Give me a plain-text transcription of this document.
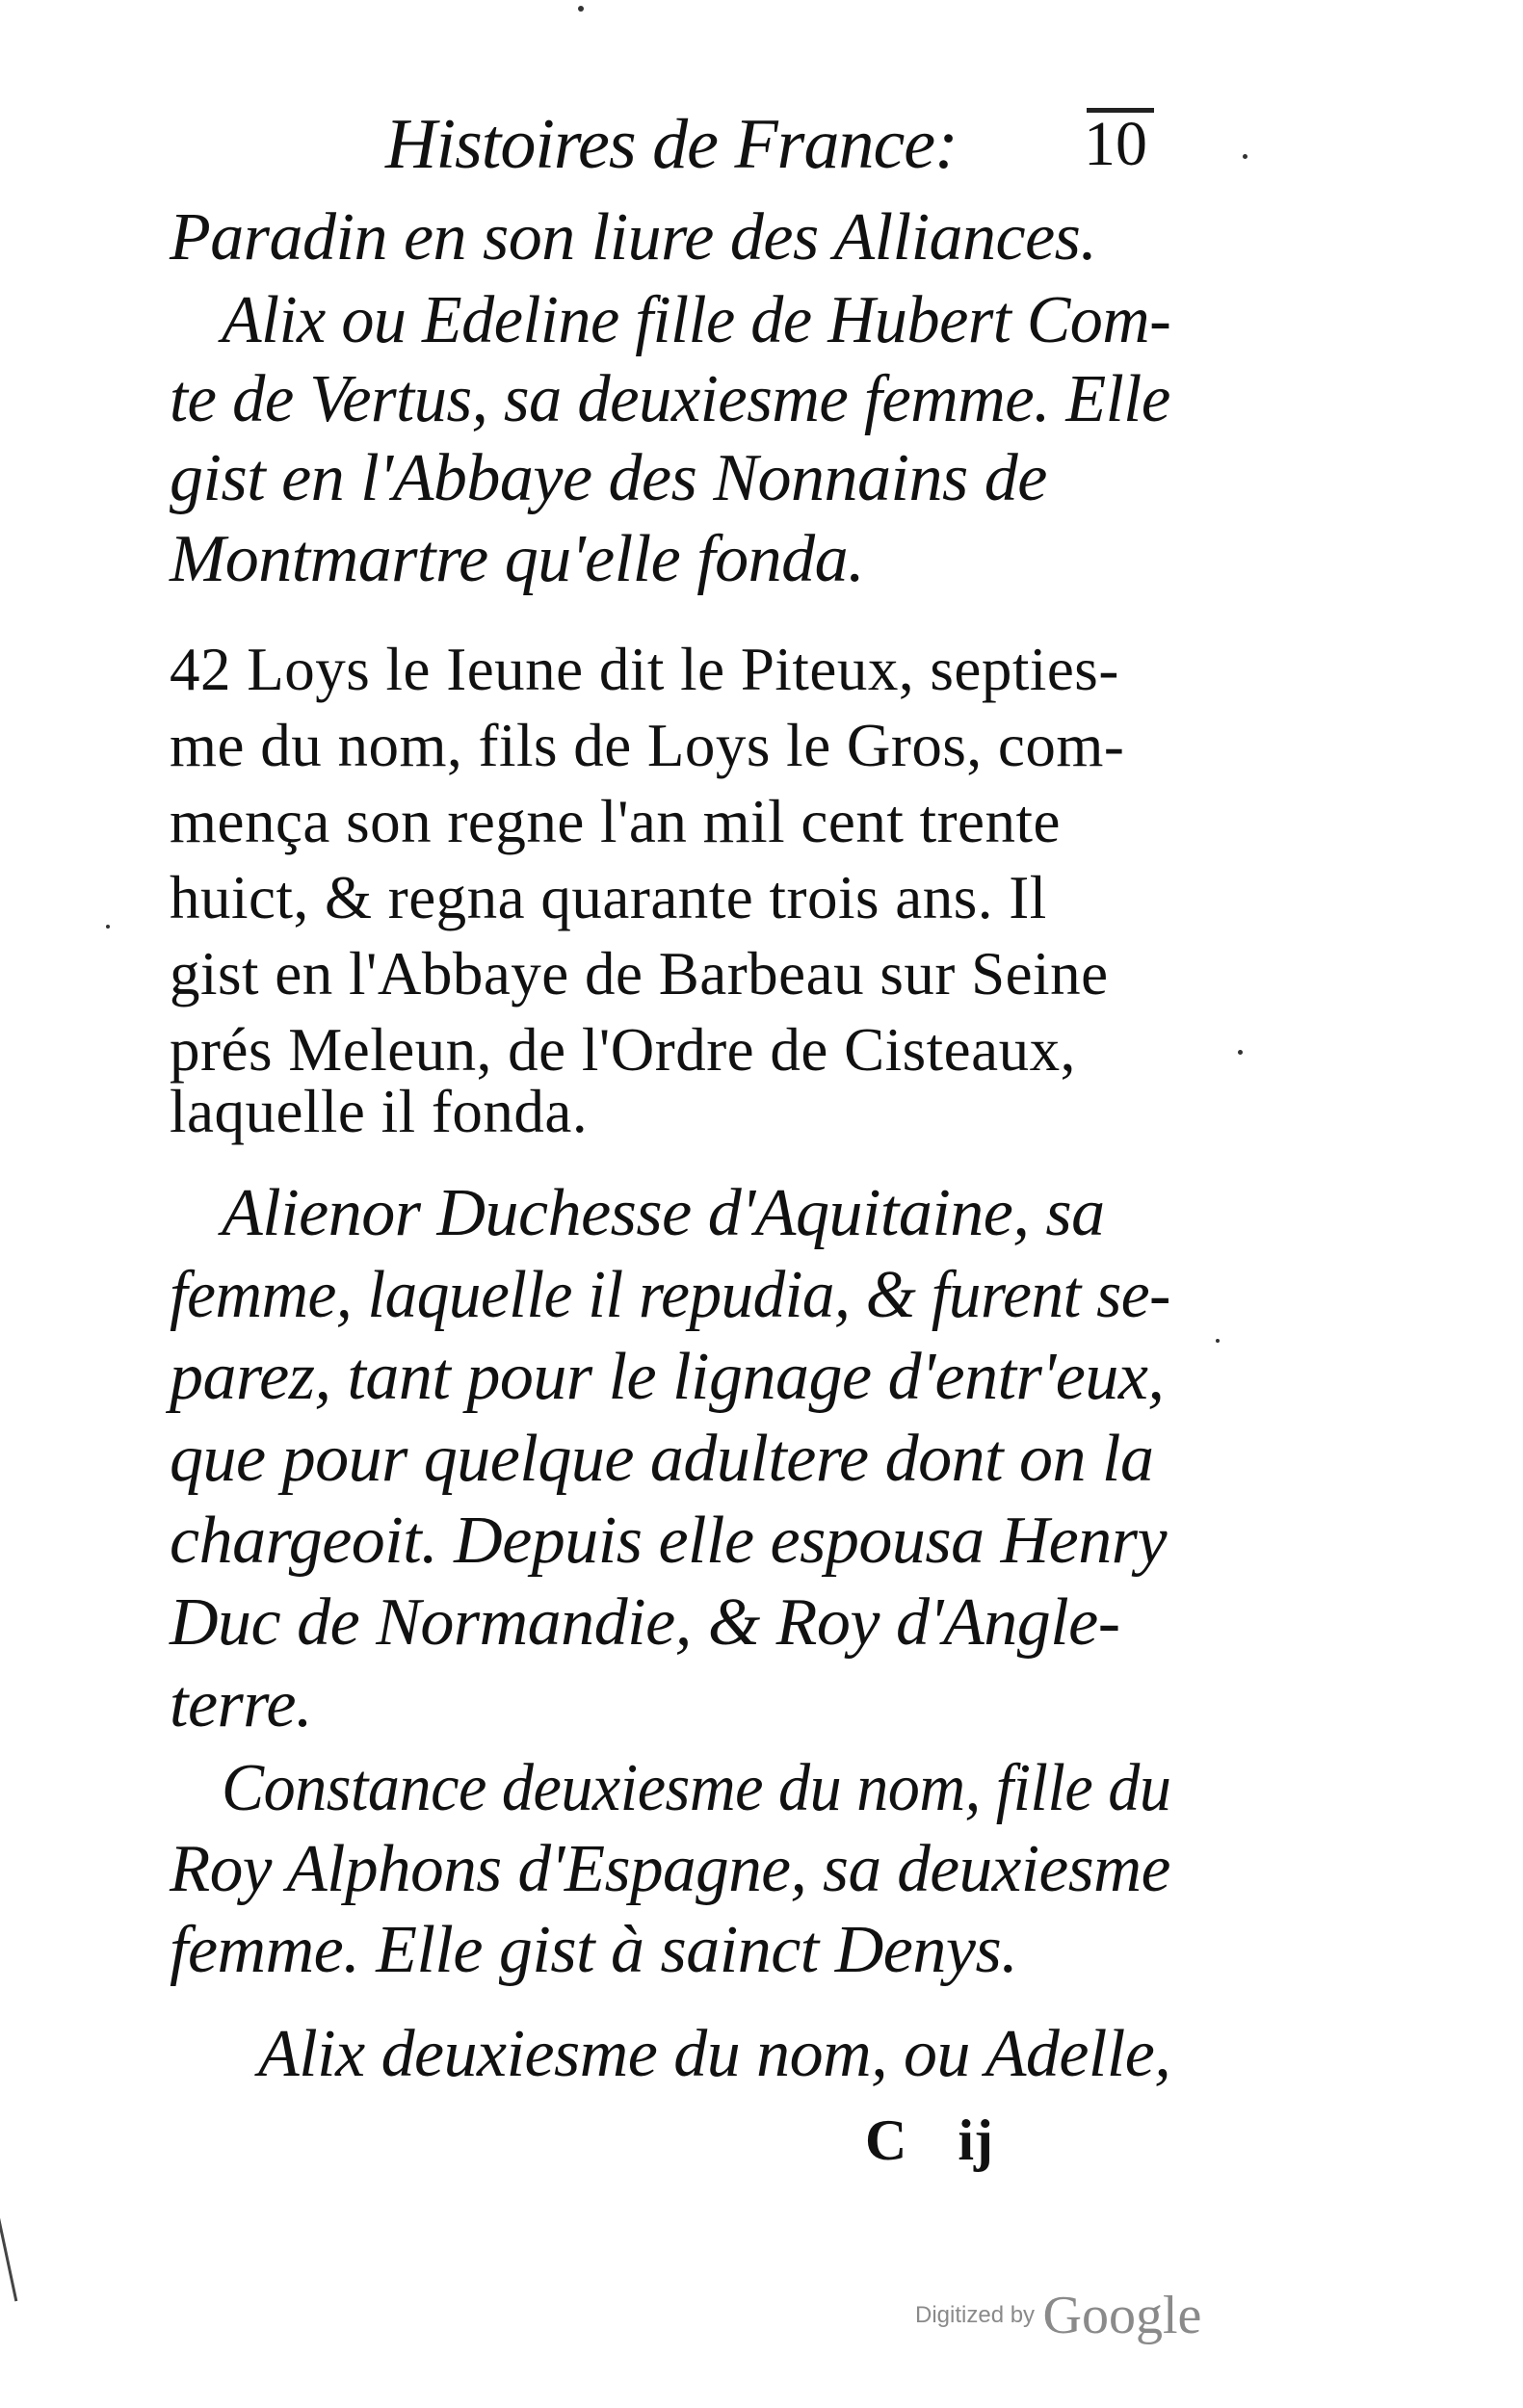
Histoires de France: 10
Paradin en son liure des Alliances.
Alix ou Edeline fille de Hubert Com-
te de Vertus, sa deuxiesme femme. Elle
gist en l'Abbaye des Nonnains de
Montmartre qu'elle fonda.
42 Loys le Ieune dit le Piteux, septies-
me du nom, fils de Loys le Gros, com-
mença son regne l'an mil cent trente
huict, & regna quarante trois ans. Il
gist en l'Abbaye de Barbeau sur Seine
prés Meleun, de l'Ordre de Cisteaux,
laquelle il fonda.
Alienor Duchesse d'Aquitaine, sa
femme, laquelle il repudia, & furent se-
parez, tant pour le lignage d'entr'eux,
que pour quelque adultere dont on la
chargeoit. Depuis elle espousa Henry
Duc de Normandie, & Roy d'Angle-
terre.
Constance deuxiesme du nom, fille du
Roy Alphons d'Espagne, sa deuxiesme
femme. Elle gist à sainct Denys.
Alix deuxiesme du nom, ou Adelle,
C ij
Digitized by Google
